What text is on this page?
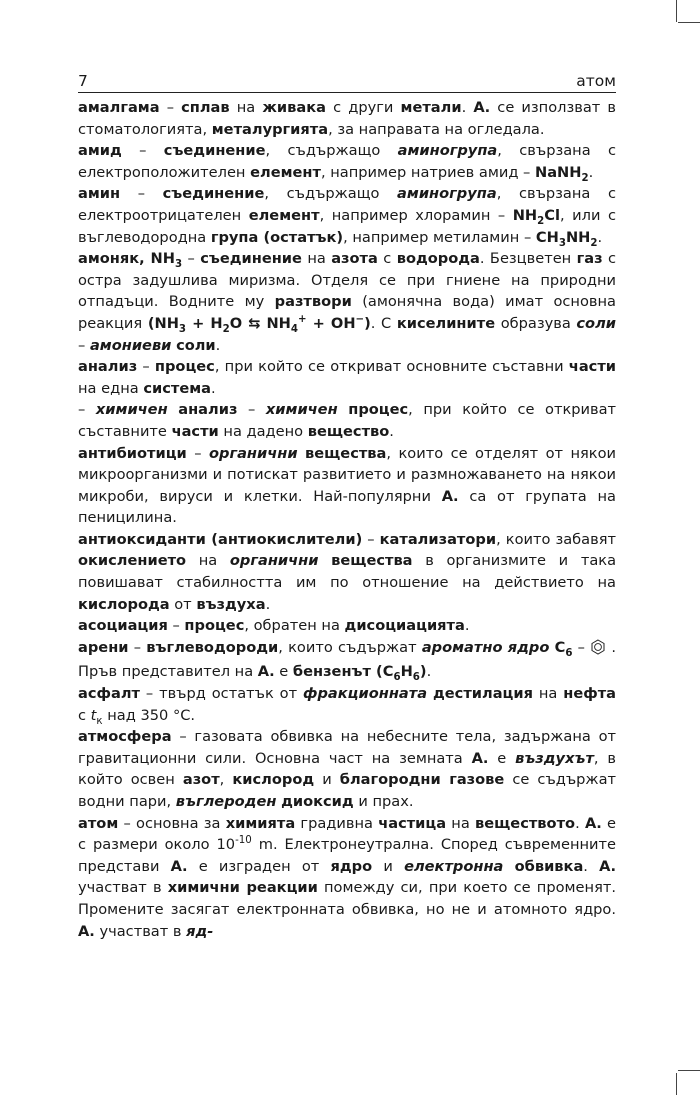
7	атом
амалгама – сплав на живака с други метали. А. се използват в стоматологията, металургията, за направата на огледала.
амид – съединение, съдържащо аминогрупа, свързана с електроположителен елемент, например натриев амид – NaNH$_2$.
амин – съединение, съдържащо аминогрупа, свързана с електроотрицателен елемент, например хлорамин – $NH_2Cl$, или с въглеводородна група (остатък), например метиламин – $CH_3NH_2$.
амоняк, $NH_3$ – съединение на азота с водорода. Безцветен газ с остра задушлива миризма. Отделя се при гниене на природни отпадъци. Водните му разтвори (амонячна вода) имат основна реакция ($NH_3 + H_2O$ ⇆ $NH_4^+ + OH^-$). С киселините образува соли – амониеви соли.
анализ – процес, при който се откриват основните съставни части на една система.
– химичен анализ – химичен процес, при който се откриват съставните части на дадено вещество.
антибиотици – органични вещества, които се отделят от някои микроорганизми и потискат развитието и размножаването на някои микроби, вируси и клетки. Най-популярни А. са от групата на пеницилина.
антиоксиданти (антиокислители) – катализатори, които забавят окислението на органични вещества в организмите и така повишават стабилността им по отношение на действието на кислорода от въздуха.
асоциация – процес, обратен на дисоциацията.
арени – въглеводороди, които съдържат ароматно ядро $C_6$ –  . Пръв представител на А. е бензенът $(C_6H_6)$.
асфалт – твърд остатък от фракционната дестилация на нефта с $t_к$ над 350 °C.
атмосфера – газовата обвивка на небесните тела, задържана от гравитационни сили. Основна част на земната А. е въздухът, в който освен азот, кислород и благородни газове се съдържат водни пари, въглероден диоксид и прах.
атом – основна за химията градивна частица на веществото. А. е с размери около $10^{-10}$ m. Електронеутрална. Според съвременните представи А. е изграден от ядро и електронна обвивка. А. участват в химични реакции помежду си, при което се променят. Промените засягат електронната обвивка, но не и атомното ядро. А. участват в яд-
